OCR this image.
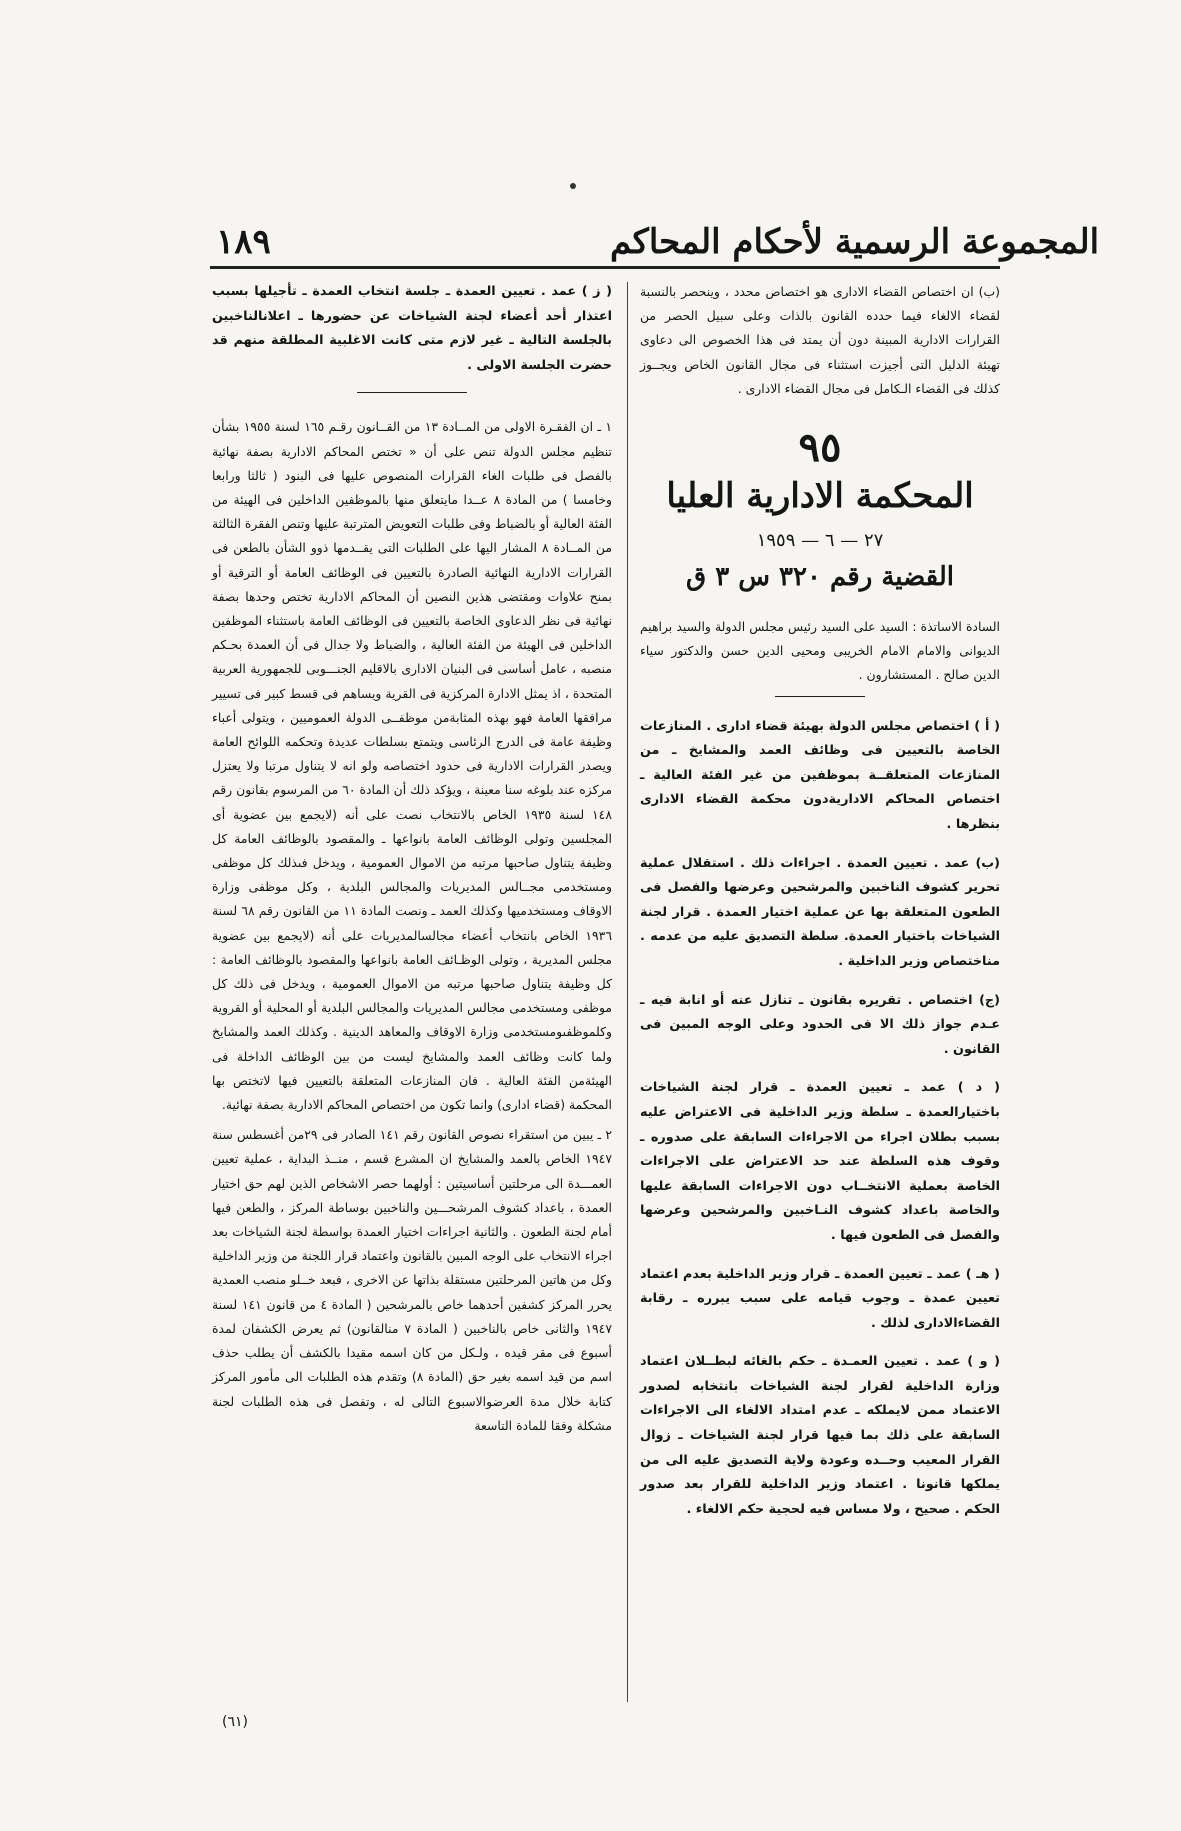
١٨٩	المجموعة الرسمية لأحكام المحاكم

(ب) ان اختصاص القضاء الادارى هو اختصاص محدد ، وينحصر بالنسبة لقضاء الالغاء فيما حدده القانون بالذات وعلى سبيل الحصر من القرارات الادارية المبينة دون أن يمتد فى هذا الخصوص الى دعاوى تهيئة الدليل التى أجيزت استثناء فى مجال القانون الخاص ويجــوز كذلك فى القضاء الـكامل فى مجال القضاء الادارى .

٩٥
المحكمة الادارية العليا
٢٧ — ٦ — ١٩٥٩
القضية رقم ٣٢٠ س ٣ ق

السادة الاساتذة : السيد على السيد رئيس مجلس الدولة والسيد براهيم الديوانى والامام الامام الخريبى ومحيى الدين حسن والدكتور سياء الدين صالح . المستشارون .

( أ ) اختصاص مجلس الدولة بهيئة قضاء ادارى . المنازعات الخاصة بالتعيين فى وظائف العمد والمشايخ ـ من المنازعات المتعلقــة بموظفين من غير الفئة العالية ـ اختصاص المحاكم الاداريةدون محكمة القضاء الادارى بنظرها .

(ب) عمد . تعيين العمدة . اجراءات ذلك . استقلال عملية تحرير كشوف الناخبين والمرشحين وعرضها والفصل فى الطعون المتعلقة بها عن عملية اختيار العمدة . قرار لجنة الشياخات باختيار العمدة. سلطة التصديق عليه من عدمه . مناختصاص وزير الداخلية .

(ج) اختصاص . تقريره بقانون ـ تنازل عنه أو انابة فيه ـ عـدم جواز ذلك الا فى الحدود وعلى الوجه المبين فى القانون .

( د ) عمد ـ تعيين العمدة ـ قرار لجنة الشياخات باختيارالعمدة ـ سلطة وزير الداخلية فى الاعتراض عليه بسبب بطلان اجراء من الاجراءات السابقة على صدوره ـ وقوف هذه السلطة عند حد الاعتراض على الاجراءات الخاصة بعملية الانتخــاب دون الاجراءات السابقة عليها والخاصة باعداد كشوف النـاخبين والمرشحين وعرضها والفصل فى الطعون فيها .

( هـ ) عمد ـ تعيين العمدة ـ قرار وزير الداخلية بعدم اعتماد تعيين عمدة ـ وجوب قيامه على سبب يبرره ـ رقابة القضاءالادارى لذلك .

( و ) عمد . تعيين العمـدة ـ حكم بالغائه لبطــلان اعتماد وزارة الداخلية لقرار لجنة الشياخات بانتخابه لصدور الاعتماد ممن لايملكه ـ عدم امتداد الالغاء الى الاجراءات السابقة على ذلك بما فيها قرار لجنة الشياخات ـ زوال القرار المعيب وحــده وعودة ولاية التصديق عليه الى من يملكها قانونا . اعتماد وزير الداخلية للقرار بعد صدور الحكم . صحيح ، ولا مساس فيه لحجية حكم الالغاء .

( ز ) عمد . تعيين العمدة ـ جلسة انتخاب العمدة ـ تأجيلها بسبب اعتذار أحد أعضاء لجنة الشياخات عن حضورها ـ اعلانالناخبين بالجلسة التالية ـ غير لازم متى كانت الاغلبية المطلقة منهم قد حضرت الجلسة الاولى .

١ ـ ان الفقـرة الاولى من المــادة ١٣ من القــانون رقـم ١٦٥ لسنة ١٩٥٥ بشأن تنظيم مجلس الدولة تنص على أن « تختص المحاكم الادارية بصفة نهائية بالفصل فى طلبات الغاء القرارات المنصوص عليها فى البنود ( ثالثا ورابعا وخامسا ) من المادة ٨ عــدا مايتعلق منها بالموظفين الداخلين فى الهيئة من الفئة العالية أو بالضباط وفى طلبات التعويض المترتبة عليها وتنص الفقرة الثالثة من المــادة ٨ المشار اليها على الطلبات التى يقــدمها ذوو الشأن بالطعن فى القرارات الادارية النهائية الصادرة بالتعيين فى الوظائف العامة أو الترقية أو بمنح علاوات ومقتضى هذين النصين أن المحاكم الادارية تختص وحدها بصفة نهائية فى نظر الدعاوى الخاصة بالتعيين فى الوظائف العامة باستثناء الموظفين الداخلين فى الهيئة من الفئة العالية ، والضباط ولا جدال فى أن العمدة بحـكم منصبه ، عامل أساسى فى البنيان الادارى بالاقليم الجنـــوبى للجمهورية العربية المتحدة ، اذ يمثل الادارة المركزية فى القرية ويساهم فى قسط كبير فى تسيير مرافقها العامة فهو بهذه المثابةمن موظفــى الدولة العموميين ، ويتولى أعباء وظيفة عامة فى الدرج الرئاسى ويتمتع بسلطات عديدة وتحكمه اللوائح العامة ويصدر القرارات الادارية فى حدود اختصاصه ولو انه لا يتناول مرتبا ولا يعتزل مركزه عند بلوغه سنا معينة ، ويؤكد ذلك أن المادة ٦٠ من المرسوم بقانون رقم ١٤٨ لسنة ١٩٣٥ الخاص بالانتخاب نصت على أنه (لايجمع بين عضوية أى المجلسين وتولى الوظائف العامة بانواعها ـ والمقصود بالوظائف العامة كل وظيفة يتناول صاحبها مرتبه من الاموال العمومية ، ويدخل فىذلك كل موظفى ومستخدمى مجــالس المديريات والمجالس البلدية ، وكل موظفى وزارة الاوقاف ومستخدميها وكذلك العمد ـ ونصت المادة ١١ من القانون رقم ٦٨ لسنة ١٩٣٦ الخاص بانتخاب أعضاء مجالسالمديريات على أنه (لايجمع بين عضوية مجلس المديرية ، وتولى الوظـائف العامة بانواعها والمقصود بالوظائف العامة : كل وظيفة يتناول صاحبها مرتبه من الاموال العمومية ، ويدخل فى ذلك كل موظفى ومستخدمى مجالس المديريات والمجالس البلدية أو المحلية أو القروية وكلموظفىومستخدمى وزارة الاوقاف والمعاهد الدينية . وكذلك العمد والمشايخ ولما كانت وظائف العمد والمشايخ ليست من بين الوظائف الداخلة فى الهيئةمن الفئة العالية . فان المنازعات المتعلقة بالتعيين فيها لاتختص بها المحكمة (قضاء ادارى) وانما تكون من اختصاص المحاكم الادارية بصفة نهائية.

٢ ـ يبين من استقراء نصوص القانون رقم ١٤١ الصادر فى ٢٩من أغسطس سنة ١٩٤٧ الخاص بالعمد والمشايخ ان المشرع قسم ، منــذ البداية ، عملية تعيين العمـــدة الى مرحلتين أساسيتين : أولهما حصر الاشخاص الذين لهم حق اختيار العمدة ، باعداد كشوف المرشحـــين والناخبين بوساطة المركز ، والطعن فيها أمام لجنة الطعون . والثانية اجراءات اختيار العمدة بواسطة لجنة الشياخات بعد اجراء الانتخاب على الوجه المبين بالقانون واعتماد قرار اللجنة من وزير الداخلية وكل من هاتين المرحلتين مستقلة بذاتها عن الاخرى ، فبعد خــلو منصب العمدية يحرر المركز كشفين أحدهما خاص بالمرشحين ( المادة ٤ من قانون ١٤١ لسنة ١٩٤٧ والثانى خاص بالناخبين ( المادة ٧ منالقانون) ثم يعرض الكشفان لمدة أسبوع فى مقر قيده ، ولـكل من كان اسمه مقيدا بالكشف أن يطلب حذف اسم من قيد اسمه بغير حق (المادة ٨) وتقدم هذه الطلبات الى مأمور المركز كتابة خلال مدة العرضوالاسبوع التالى له ، وتفصل فى هذه الطلبات لجنة مشكلة وفقا للمادة التاسعة

(٦١)
